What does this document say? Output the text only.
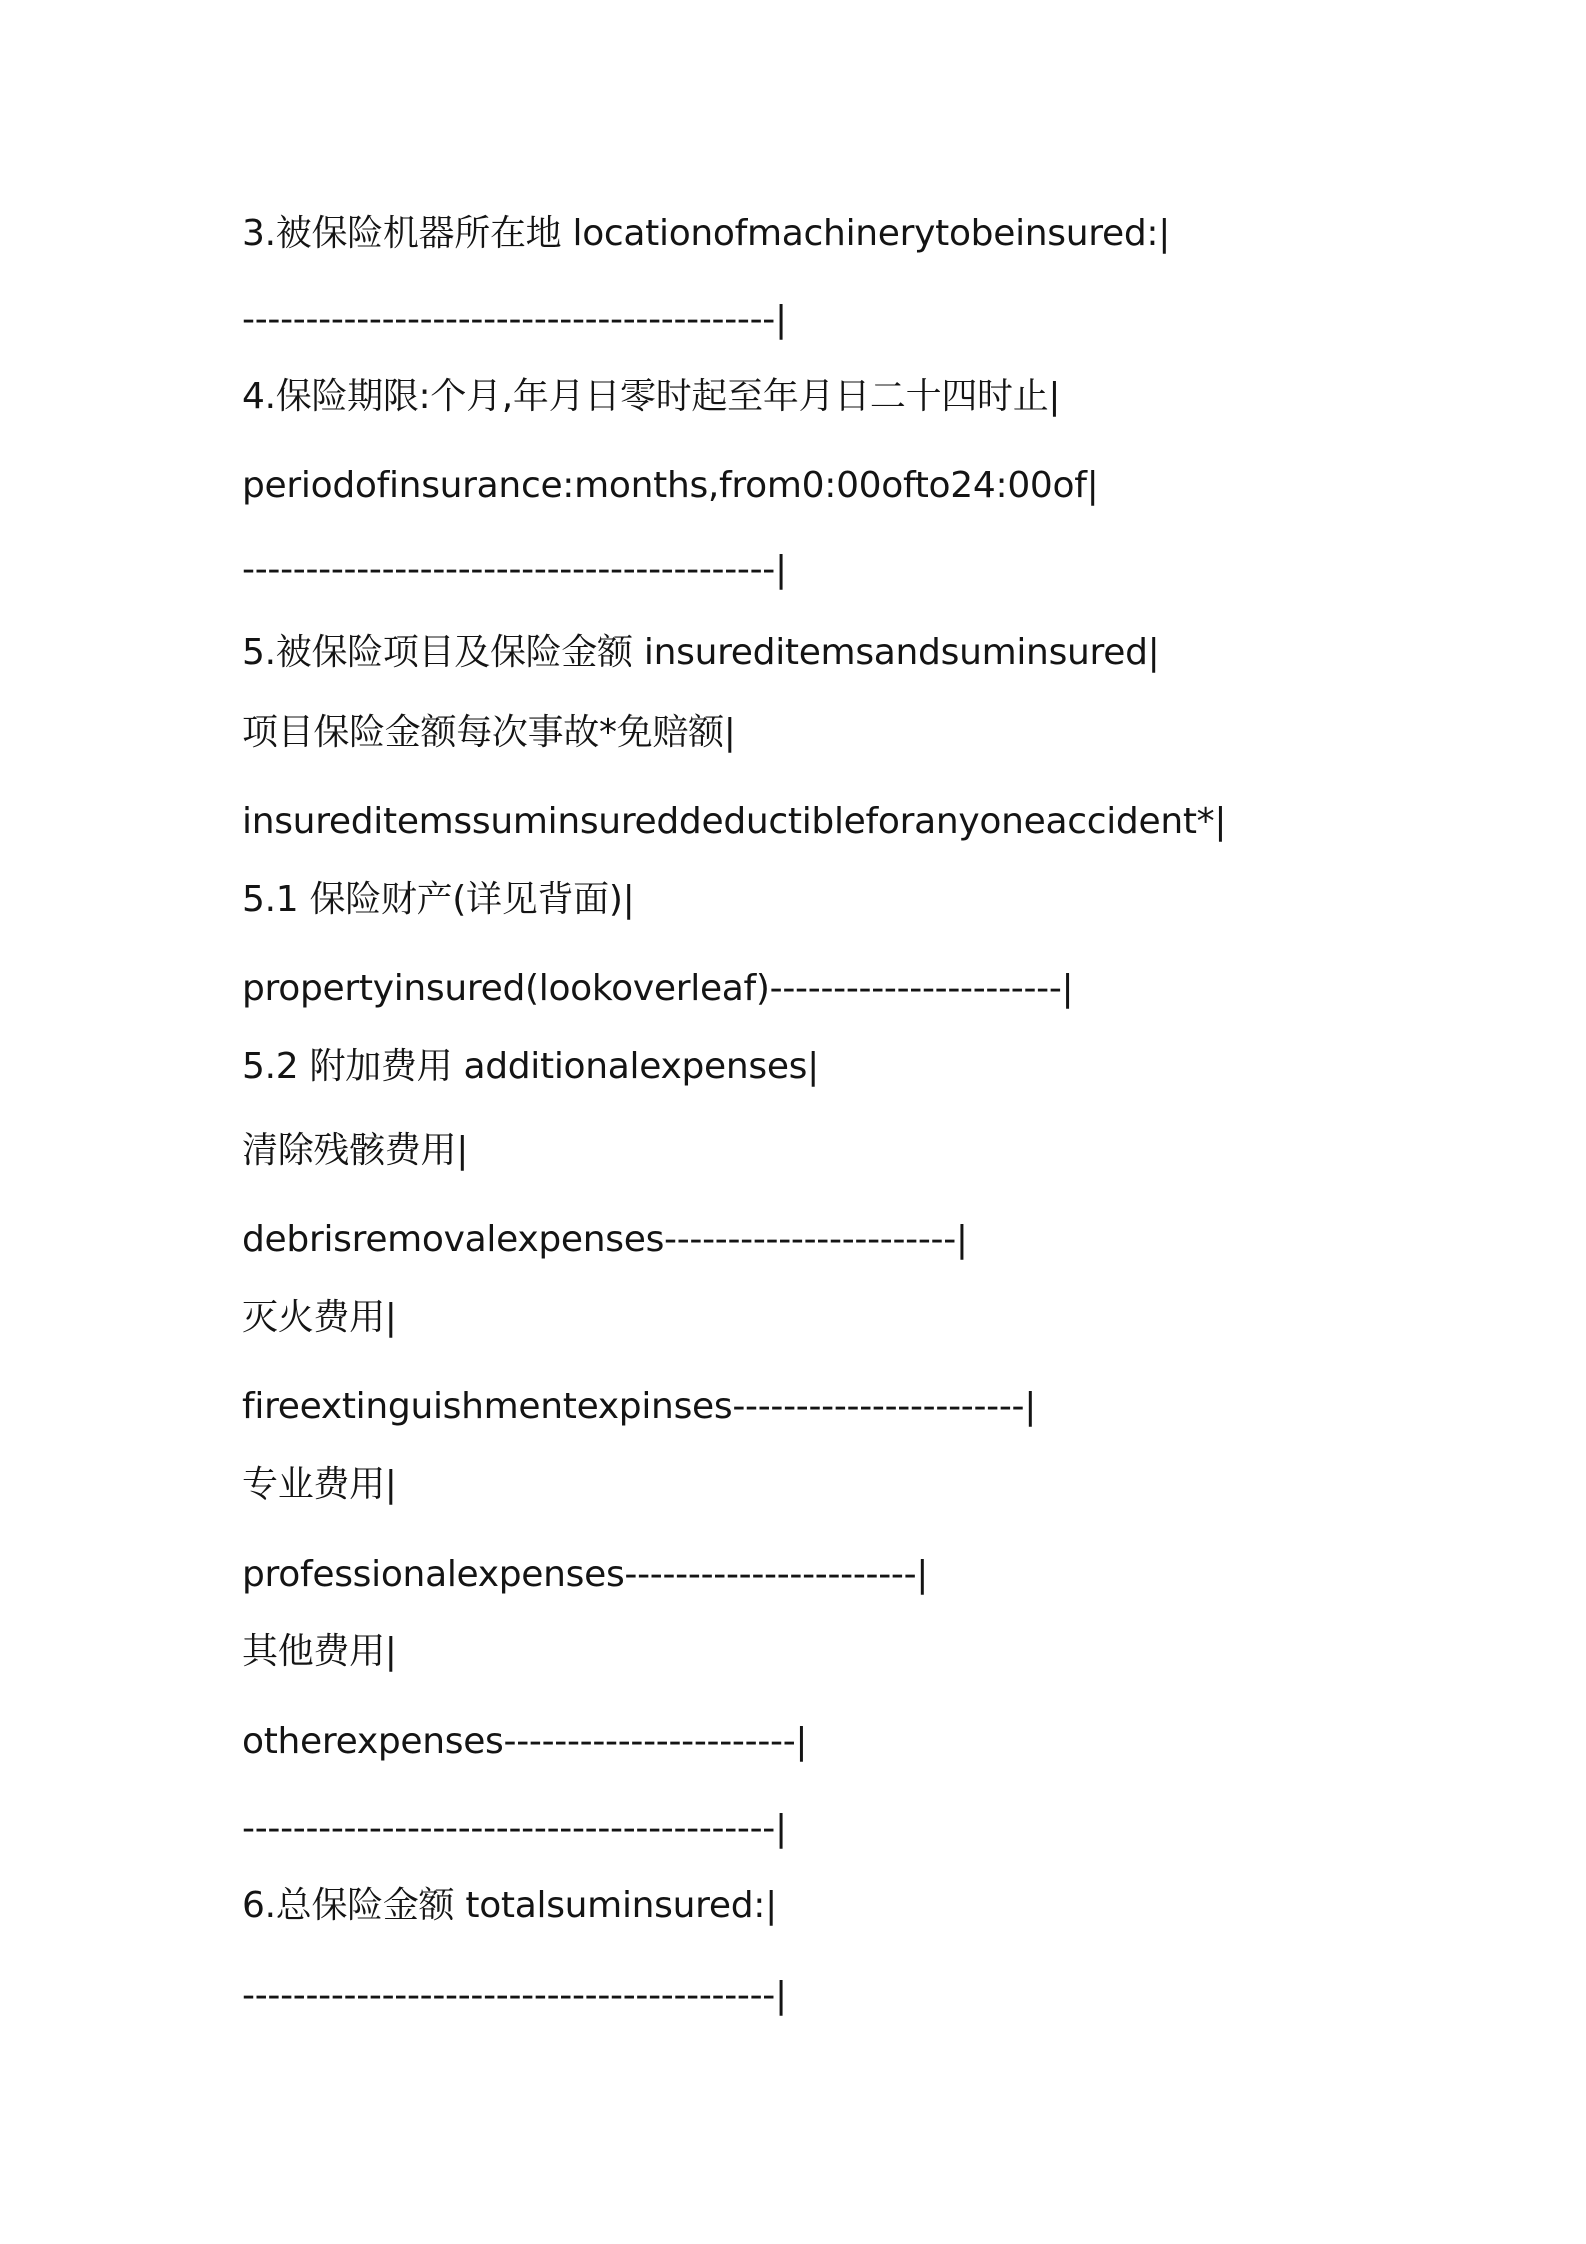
3.被保险机器所在地 locationofmachinerytobeinsured:|
------------------------------------------|
4.保险期限:个月,年月日零时起至年月日二十四时止|
periodofinsurance:months,from0:00ofto24:00of|
------------------------------------------|
5.被保险项目及保险金额 insureditemsandsuminsured|
项目保险金额每次事故*免赔额|
insureditemssuminsureddeductibleforanyoneaccident*|
5.1 保险财产(详见背面)|
propertyinsured(lookoverleaf)-----------------------|
5.2 附加费用 additionalexpenses|
清除残骸费用|
debrisremovalexpenses-----------------------|
灭火费用|
fireextinguishmentexpinses-----------------------|
专业费用|
professionalexpenses-----------------------|
其他费用|
otherexpenses-----------------------|
------------------------------------------|
6.总保险金额 totalsuminsured:|
------------------------------------------|
